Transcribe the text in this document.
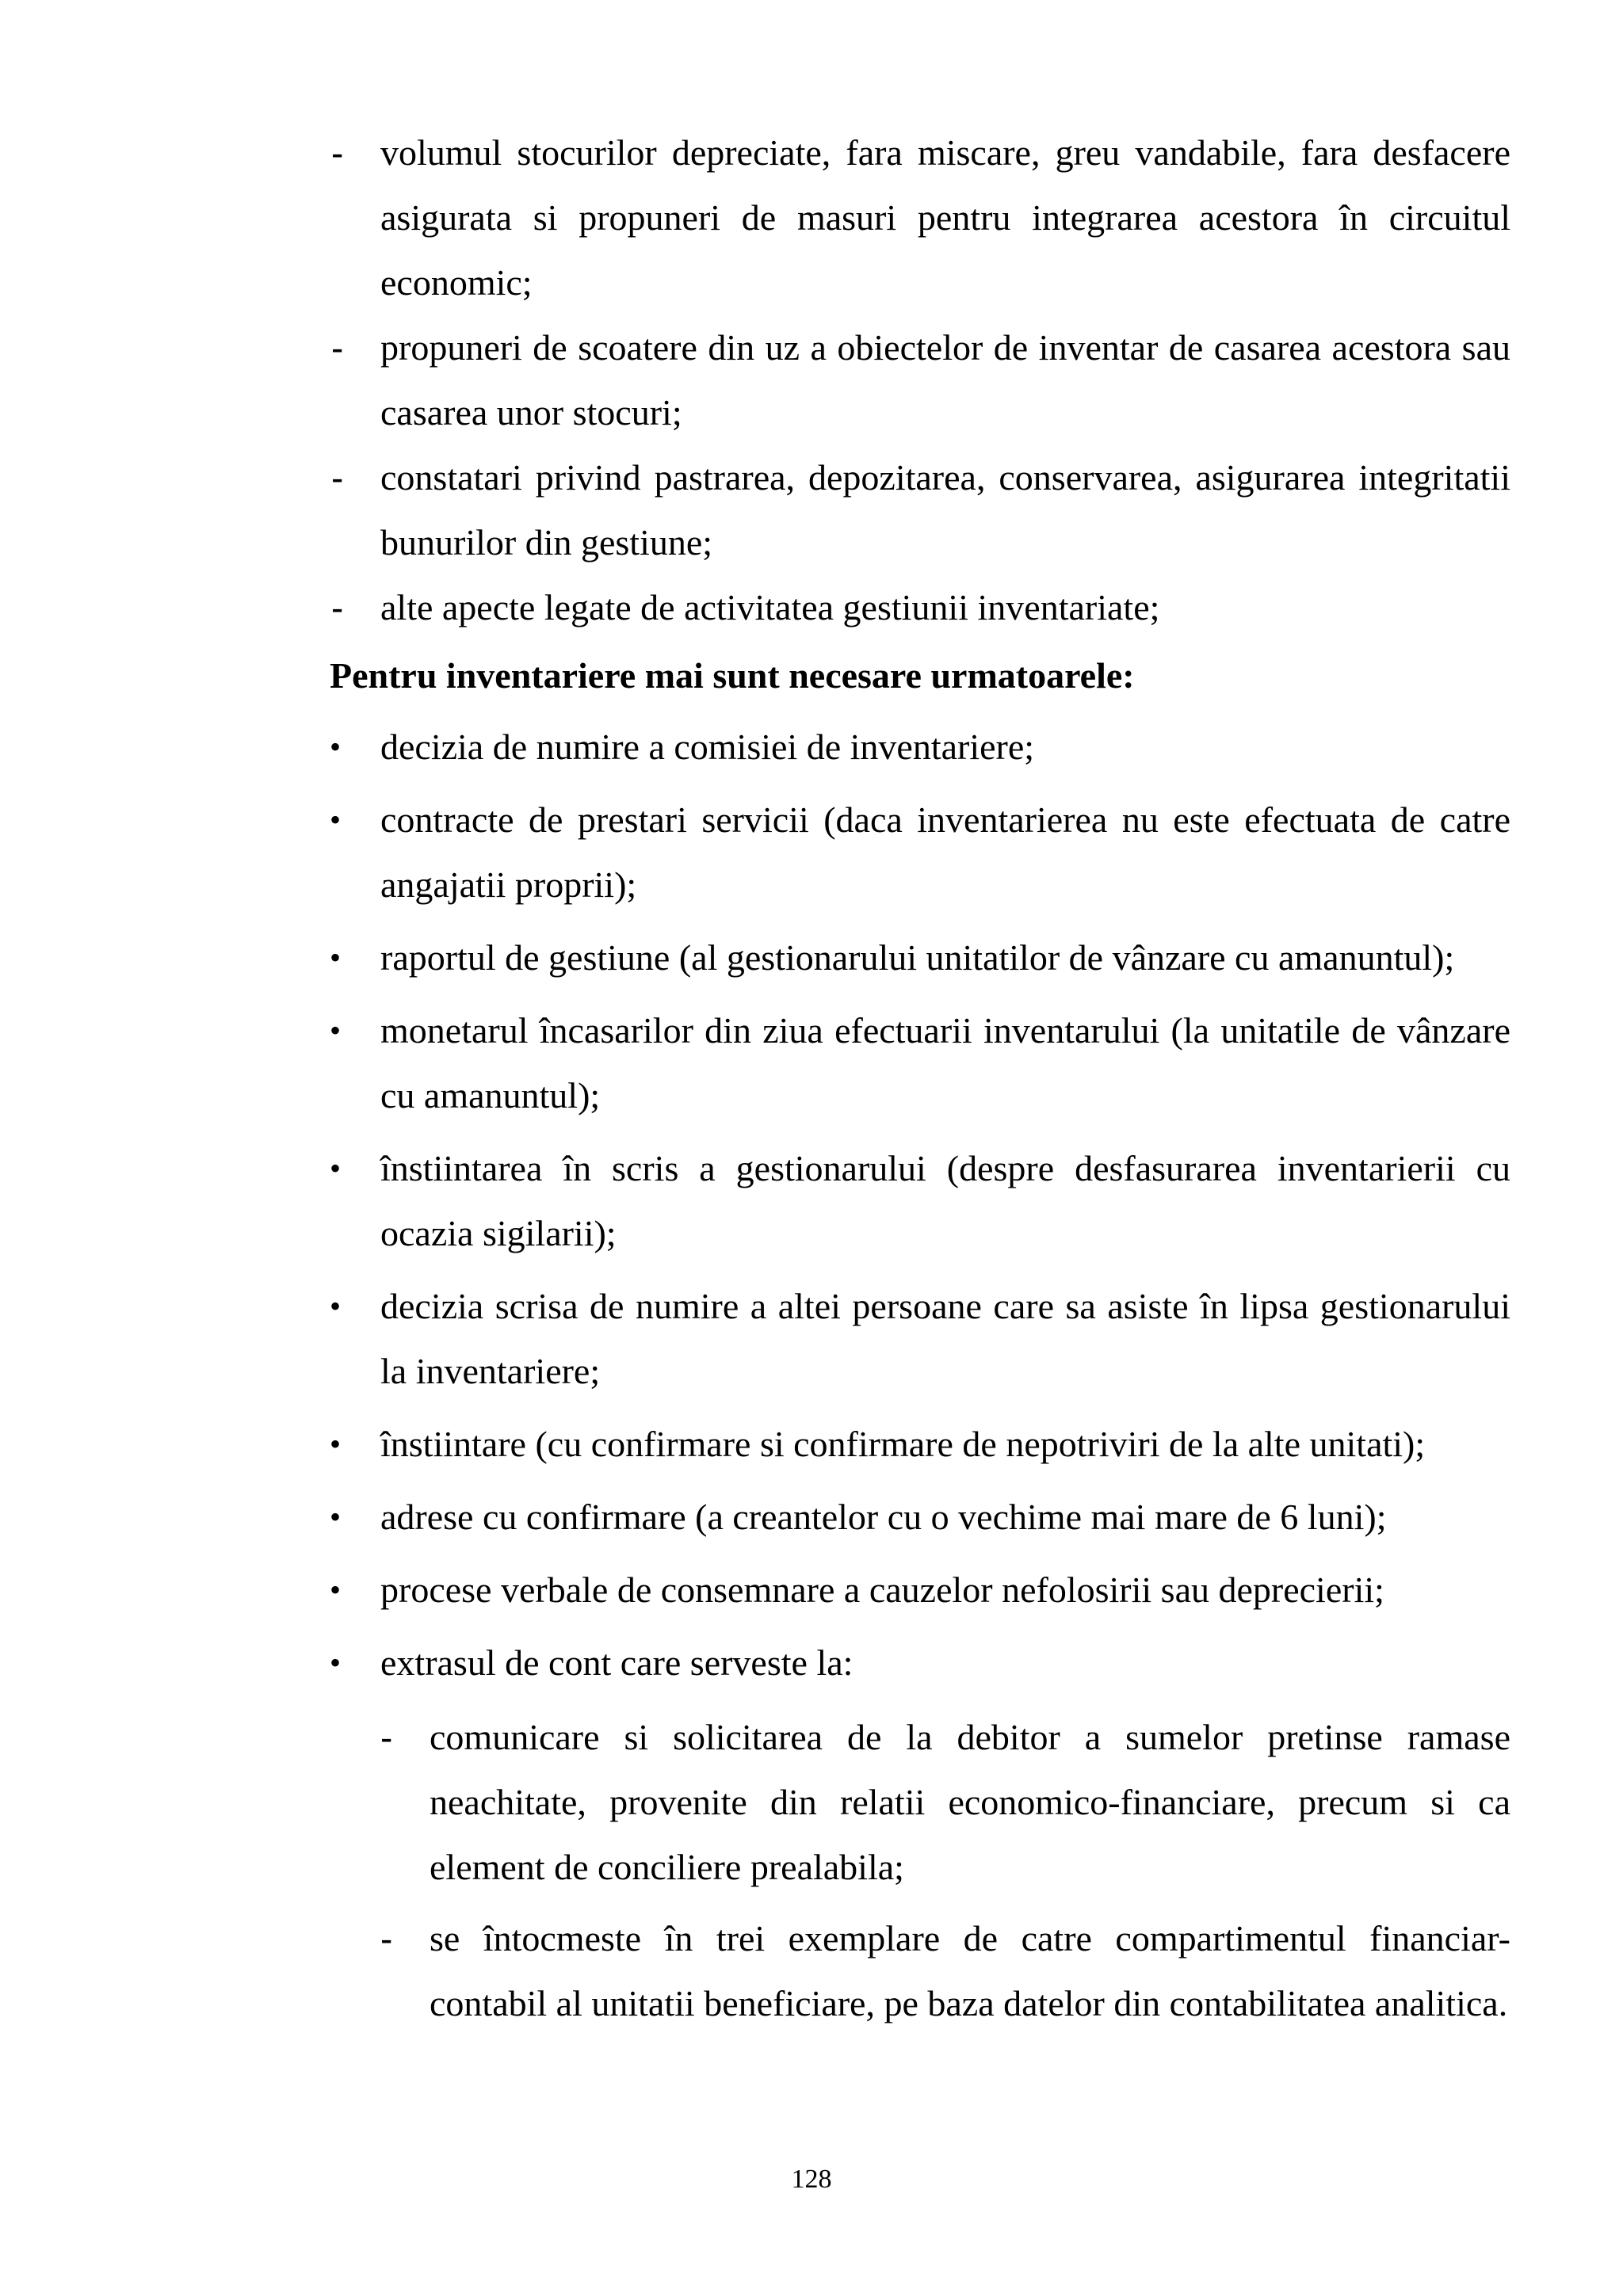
-	volumul stocurilor depreciate, fara miscare, greu vandabile, fara desfacere asigurata si propuneri de masuri pentru integrarea acestora în circuitul economic;

-	propuneri de scoatere din uz a obiectelor de inventar de casarea acestora sau casarea unor stocuri;

-	constatari privind pastrarea, depozitarea, conservarea, asigurarea integritatii bunurilor din gestiune;

-	alte apecte legate de activitatea gestiunii inventariate;

Pentru inventariere mai sunt necesare urmatoarele:

•	decizia de numire a comisiei de inventariere;

•	contracte de prestari servicii (daca inventarierea nu este efectuata de catre angajatii proprii);

•	raportul de gestiune (al gestionarului unitatilor de vânzare cu amanuntul);

•	monetarul încasarilor din ziua efectuarii inventarului (la unitatile de vânzare cu amanuntul);

•	înstiintarea în scris a gestionarului (despre desfasurarea inventarierii cu ocazia sigilarii);

•	decizia scrisa de numire a altei persoane care sa asiste în lipsa gestionarului la inventariere;

•	înstiintare (cu confirmare si confirmare de nepotriviri de la alte unitati);

•	adrese cu confirmare (a creantelor cu o vechime mai mare de 6 luni);

•	procese verbale de consemnare a cauzelor nefolosirii sau deprecierii;

•	extrasul de cont care serveste la:

-	comunicare si solicitarea de la debitor a sumelor pretinse ramase neachitate, provenite din relatii economico-financiare, precum si ca element de conciliere prealabila;

-	se întocmeste în trei exemplare de catre compartimentul financiar-contabil al unitatii beneficiare, pe baza datelor din contabilitatea analitica.

128
